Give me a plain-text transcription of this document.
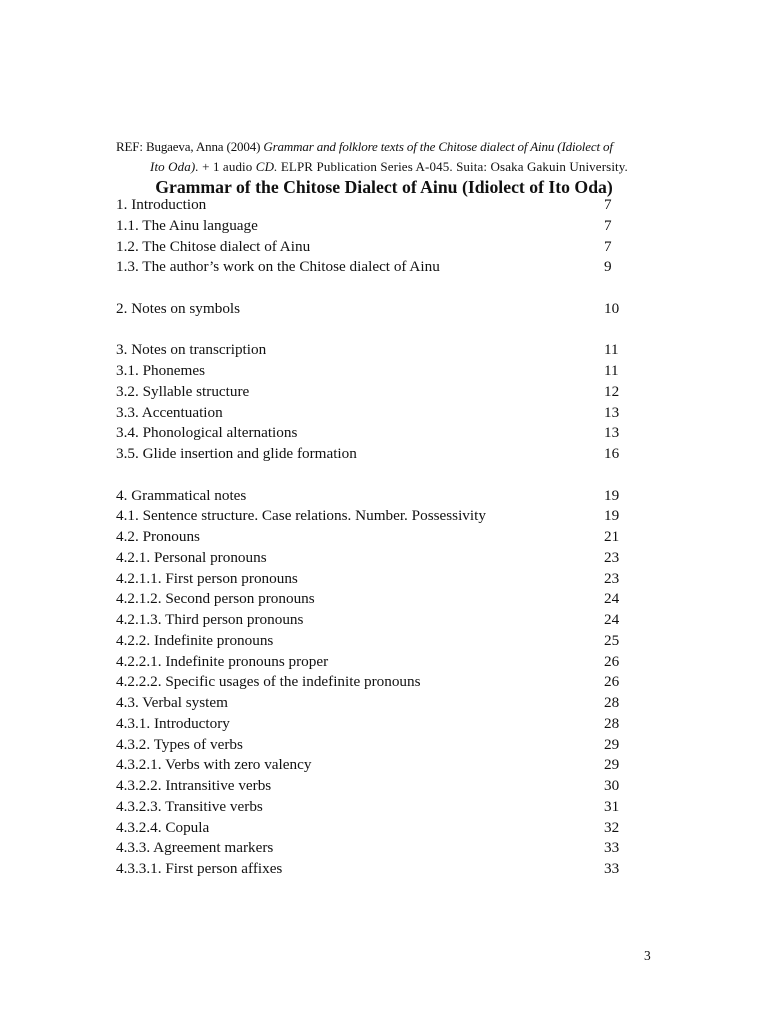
REF: Bugaeva, Anna (2004) Grammar and folklore texts of the Chitose dialect of Ainu (Idiolect of
Ito Oda). + 1 audio CD. ELPR Publication Series A-045. Suita: Osaka Gakuin University.
Grammar of the Chitose Dialect of Ainu (Idiolect of Ito Oda)
1. Introduction	7
1.1. The Ainu language	7
1.2. The Chitose dialect of Ainu	7
1.3. The author’s work on the Chitose dialect of Ainu	9
2. Notes on symbols	10
3. Notes on transcription	11
3.1. Phonemes	11
3.2. Syllable structure	12
3.3. Accentuation	13
3.4. Phonological alternations	13
3.5. Glide insertion and glide formation	16
4. Grammatical notes	19
4.1. Sentence structure. Case relations. Number. Possessivity	19
4.2. Pronouns	21
4.2.1. Personal pronouns	23
4.2.1.1. First person pronouns	23
4.2.1.2. Second person pronouns	24
4.2.1.3. Third person pronouns	24
4.2.2. Indefinite pronouns	25
4.2.2.1. Indefinite pronouns proper	26
4.2.2.2. Specific usages of the indefinite pronouns	26
4.3. Verbal system	28
4.3.1. Introductory	28
4.3.2. Types of verbs	29
4.3.2.1. Verbs with zero valency	29
4.3.2.2. Intransitive verbs	30
4.3.2.3. Transitive verbs	31
4.3.2.4. Copula	32
4.3.3. Agreement markers	33
4.3.3.1. First person affixes	33
3
